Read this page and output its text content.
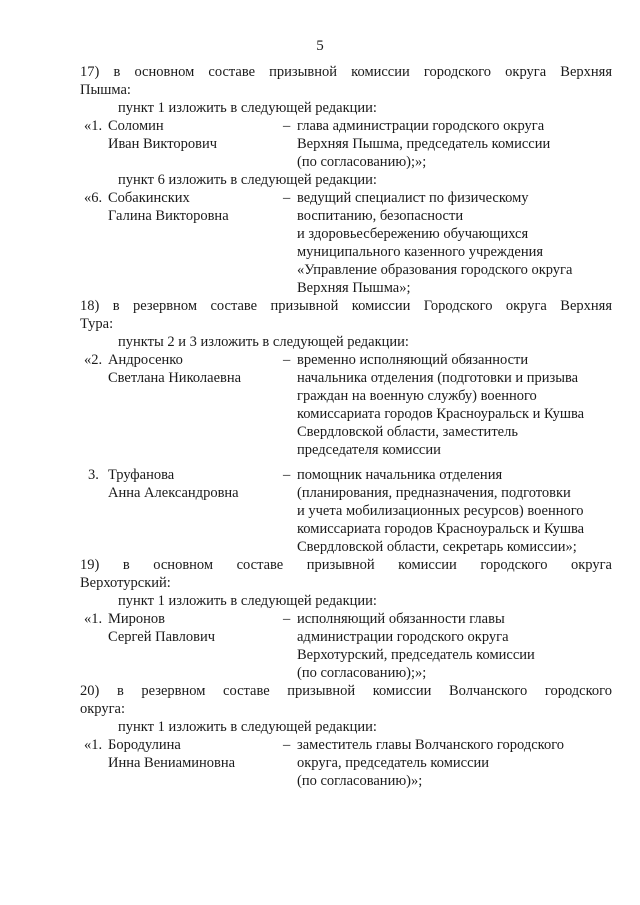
5
17) в основном составе призывной комиссии городского округа Верхняя
Пышма:
пункт 1 изложить в следующей редакции:
«1. Соломин
Иван Викторович
– глава администрации городского округа
Верхняя Пышма, председатель комиссии
(по согласованию);»;
пункт 6 изложить в следующей редакции:
«6. Собакинских
Галина Викторовна
– ведущий специалист по физическому
воспитанию, безопасности
и здоровьесбережению обучающихся
муниципального казенного учреждения
«Управление образования городского округа
Верхняя Пышма»;
18) в резервном составе призывной комиссии Городского округа Верхняя
Тура:
пункты 2 и 3 изложить в следующей редакции:
«2. Андросенко
Светлана Николаевна
– временно исполняющий обязанности
начальника отделения (подготовки и призыва
граждан на военную службу) военного
комиссариата городов Красноуральск и Кушва
Свердловской области, заместитель
председателя комиссии
3. Труфанова
Анна Александровна
– помощник начальника отделения
(планирования, предназначения, подготовки
и учета мобилизационных ресурсов) военного
комиссариата городов Красноуральск и Кушва
Свердловской области, секретарь комиссии»;
19) в основном составе призывной комиссии городского округа
Верхотурский:
пункт 1 изложить в следующей редакции:
«1. Миронов
Сергей Павлович
– исполняющий обязанности главы
администрации городского округа
Верхотурский, председатель комиссии
(по согласованию);»;
20) в резервном составе призывной комиссии Волчанского городского
округа:
пункт 1 изложить в следующей редакции:
«1. Бородулина
Инна Вениаминовна
– заместитель главы Волчанского городского
округа, председатель комиссии
(по согласованию)»;
